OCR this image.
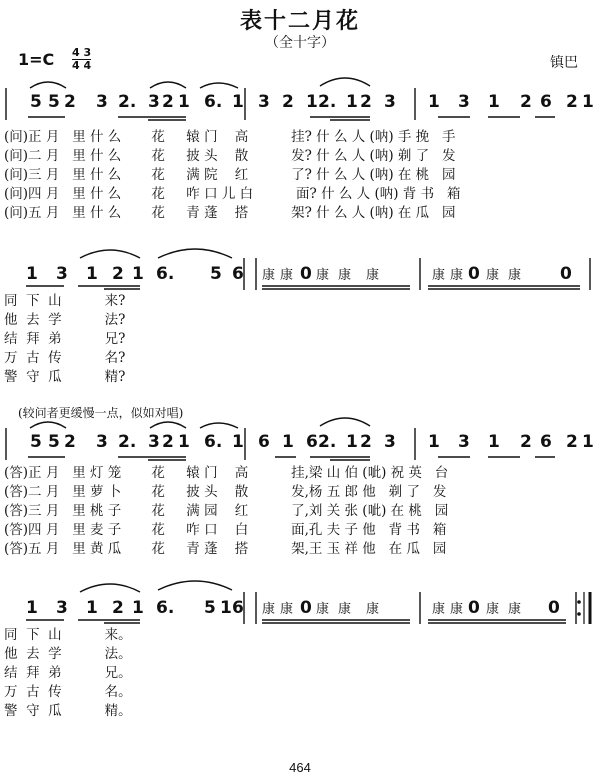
表十二月花
（全十字）
1=C 4 3
4 4	镇巴
5 5 2 3 2. 3 2 1 6. 1 3 2 1 2. 1 2 3 1 3 1 2 6 2 1
(问)正 月   里 什 么       花     辕 门    高          挂? 什 么 人 (呐) 手 挽   手
(问)二 月   里 什 么       花     披 头    散          发? 什 么 人 (呐) 剃 了   发
(问)三 月   里 什 么       花     满 院    红          了? 什 么 人 (呐) 在 桃   园
(问)四 月   里 什 么       花     咋 口 儿 白          面? 什 么 人 (呐) 背 书   箱
(问)五 月   里 什 么       花     青 蓬    搭          架? 什 么 人 (呐) 在 瓜   园
1 3 1 2 1 6. 5 6 康 康 0 康 康 康	康 康 0 康 康 0
同  下  山          来?
他  去  学          法?
结  拜  弟          兄?
万  古  传          名?
警  守  瓜          精?
(较问者更缓慢一点，似如对唱)
5 5 2 3 2. 3 2 1 6. 1 6 1 6 2. 1 2 3 1 3 1 2 6 2 1
(答)正 月   里 灯 笼       花     辕 门    高          挂,梁 山 伯 (呲) 祝 英   台
(答)二 月   里 萝 卜       花     披 头    散          发,杨 五 郎 他   剃 了   发
(答)三 月   里 桃 子       花     满 园    红          了,刘 关 张 (呲) 在 桃   园
(答)四 月   里 麦 子       花     咋 口    白          面,孔 夫 子 他   背 书   箱
(答)五 月   里 黄 瓜       花     青 蓬    搭          架,王 玉 祥 他   在 瓜   园
1 3 1 2 1 6. 5 1 6 康 康 0 康 康 康	康 康 0 康 康 0
同  下  山          来。
他  去  学          法。
结  拜  弟          兄。
万  古  传          名。
警  守  瓜          精。
464
